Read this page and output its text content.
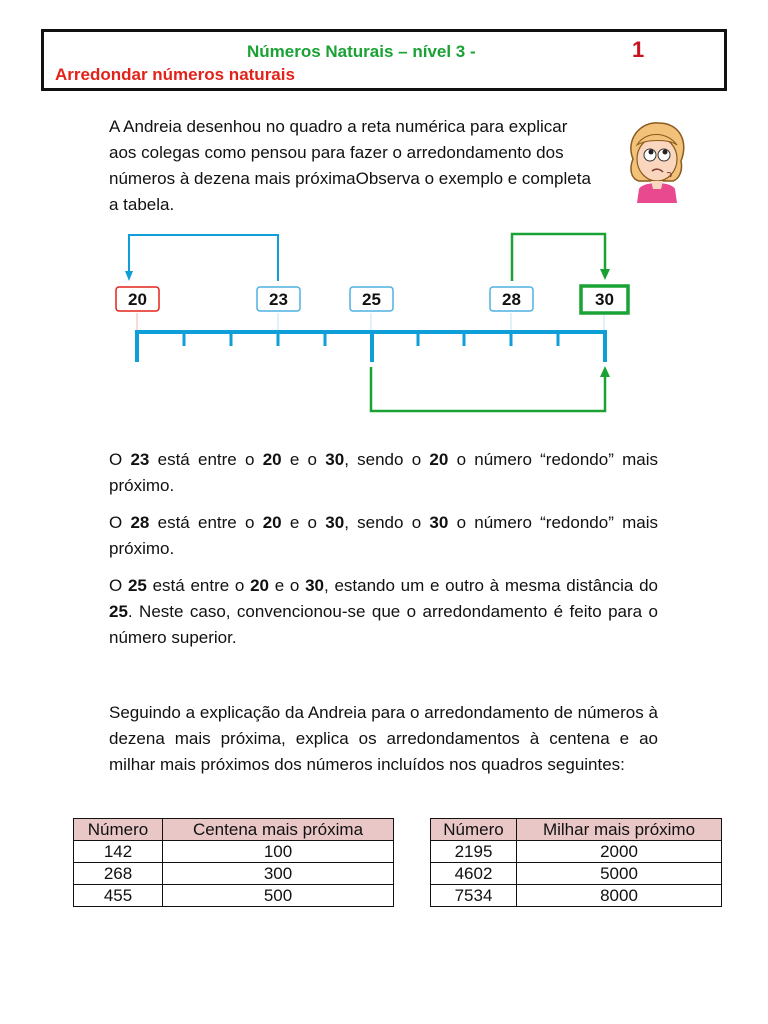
Números Naturais – nível 3 -	1
Arredondar números naturais

A Andreia desenhou no quadro a reta numérica para explicar aos colegas como pensou para fazer o arredondamento dos números à dezena mais próximaObserva o exemplo e completa a tabela.

20	23	25	28	30

O 23 está entre o 20 e o 30, sendo o 20 o número “redondo” mais próximo.

O 28 está entre o 20 e o 30, sendo o 30 o número “redondo” mais próximo.

O 25 está entre o 20 e o 30, estando um e outro à mesma distância do 25. Neste caso, convencionou-se que o arredondamento é feito para o número superior.

Seguindo a explicação da Andreia para o arredondamento de números à dezena mais próxima, explica os arredondamentos à centena e ao milhar mais próximos dos números incluídos nos quadros seguintes:

Número	Centena mais próxima
142	100
268	300
455	500
Número	Milhar mais próximo
2195	2000
4602	5000
7534	8000
